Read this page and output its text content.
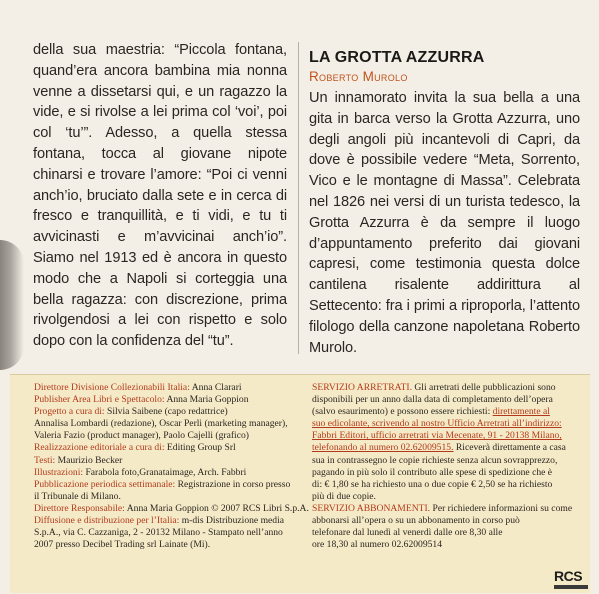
della sua maestria: “Piccola fontana, quand’era ancora bambina mia nonna venne a dissetarsi qui, e un ragazzo la vide, e si rivolse a lei prima col ‘voi’, poi col ‘tu’”. Adesso, a quella stessa fontana, tocca al giovane nipote chinarsi e trovare l’amore: “Poi ci venni anch’io, bruciato dalla sete e in cerca di fresco e tranquillità, e ti vidi, e tu ti avvicinasti e m’avvicinai anch’io”. Siamo nel 1913 ed è ancora in questo modo che a Napoli si corteggia una bella ragazza: con discrezione, prima rivolgendosi a lei con rispetto e solo dopo con la confidenza del “tu”.

LA GROTTA AZZURRA
Roberto Murolo

Un innamorato invita la sua bella a una gita in barca verso la Grotta Azzurra, uno degli angoli più incantevoli di Capri, da dove è possibile vedere “Meta, Sorrento, Vico e le montagne di Massa”. Celebrata nel 1826 nei versi di un turista tedesco, la Grotta Azzurra è da sempre il luogo d’appuntamento preferito dai giovani capresi, come testimonia questa dolce cantilena risalente addirittura al Settecento: fra i primi a riproporla, l’attento filologo della canzone napoletana Roberto Murolo.

Direttore Divisione Collezionabili Italia: Anna Clarari
Publisher Area Libri e Spettacolo: Anna Maria Goppion
Progetto a cura di: Silvia Saibene (capo redattrice)
Annalisa Lombardi (redazione), Oscar Perli (marketing manager),
Valeria Fazio (product manager), Paolo Cajelli (grafico)
Realizzazione editoriale a cura di: Editing Group Srl
Testi: Maurizio Becker
Illustrazioni: Farabola foto,Granataimage, Arch. Fabbri
Pubblicazione periodica settimanale: Registrazione in corso presso
il Tribunale di Milano.
Direttore Responsabile: Anna Maria Goppion © 2007 RCS Libri S.p.A.
Diffusione e distribuzione per l’Italia: m-dis Distribuzione media
S.p.A., via C. Cazzaniga, 2 - 20132 Milano - Stampato nell’anno
2007 presso Decibel Trading srl Lainate (Mi).
SERVIZIO ARRETRATI. Gli arretrati delle pubblicazioni sono
disponibili per un anno dalla data di completamento dell’opera
(salvo esaurimento) e possono essere richiesti: direttamente al
suo edicolante, scrivendo al nostro Ufficio Arretrati all’indirizzo:
Fabbri Editori, ufficio arretrati via Mecenate, 91 - 20138 Milano,
telefonando al numero 02.62009515. Riceverà direttamente a casa
sua in contrassegno le copie richieste senza alcun sovrapprezzo,
pagando in più solo il contributo alle spese di spedizione che è
di: € 1,80 se ha richiesto una o due copie € 2,50 se ha richiesto
più di due copie.
SERVIZIO ABBONAMENTI. Per richiedere informazioni su come
abbonarsi all’opera o su un abbonamento in corso può
telefonare dal lunedì al venerdì dalle ore 8,30 alle
ore 18,30 al numero 02.62009514
RCS
